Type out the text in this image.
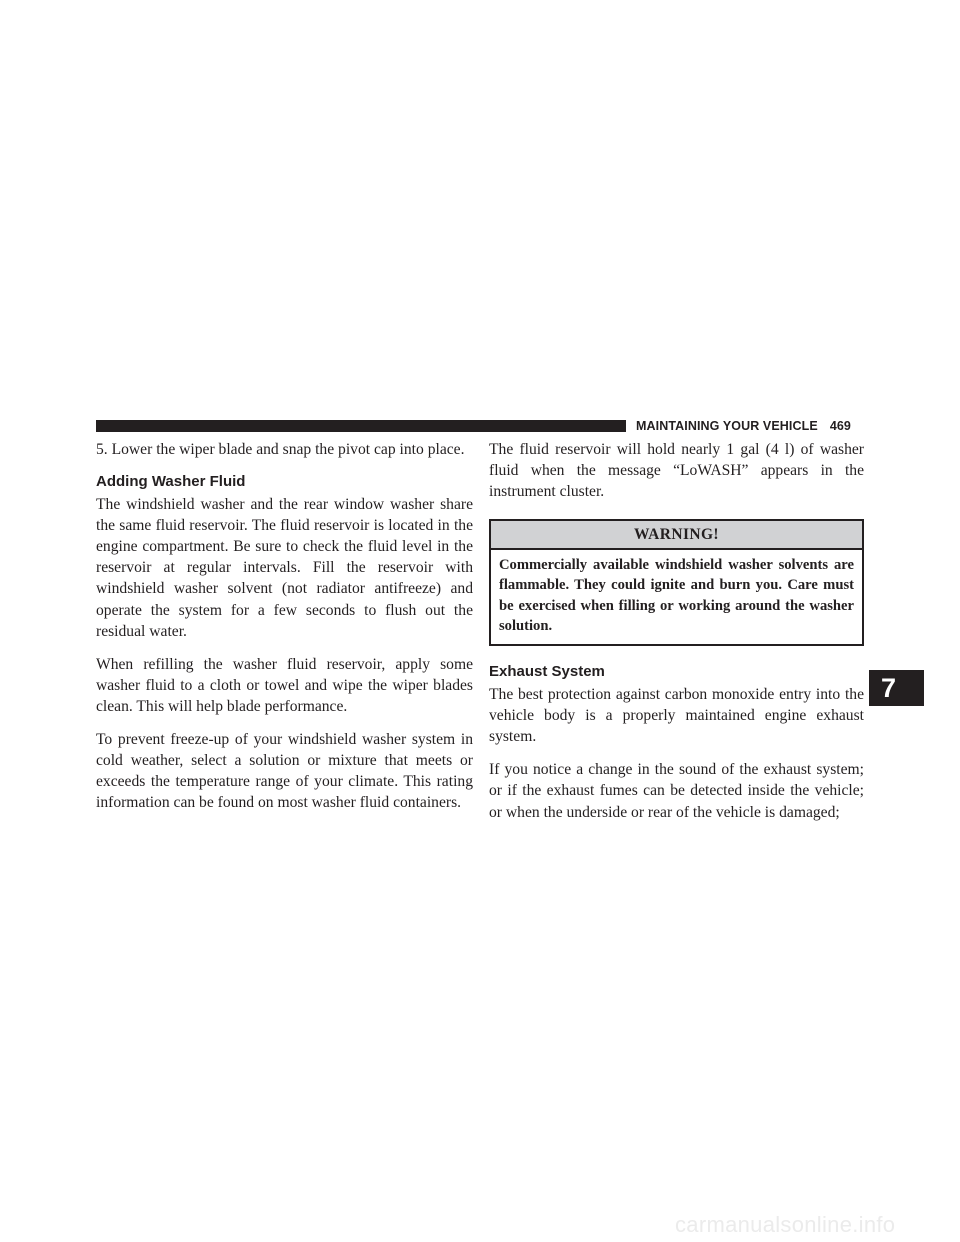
MAINTAINING YOUR VEHICLE 469

5. Lower the wiper blade and snap the pivot cap into place.

Adding Washer Fluid

The windshield washer and the rear window washer share the same fluid reservoir. The fluid reservoir is located in the engine compartment. Be sure to check the fluid level in the reservoir at regular intervals. Fill the reservoir with windshield washer solvent (not radiator antifreeze) and operate the system for a few seconds to flush out the residual water.

When refilling the washer fluid reservoir, apply some washer fluid to a cloth or towel and wipe the wiper blades clean. This will help blade performance.

To prevent freeze-up of your windshield washer system in cold weather, select a solution or mixture that meets or exceeds the temperature range of your climate. This rating information can be found on most washer fluid containers.

The fluid reservoir will hold nearly 1 gal (4 l) of washer fluid when the message “LoWASH” appears in the instrument cluster.

WARNING!
Commercially available windshield washer solvents are flammable. They could ignite and burn you. Care must be exercised when filling or working around the washer solution.
Exhaust System

The best protection against carbon monoxide entry into the vehicle body is a properly maintained engine exhaust system.

If you notice a change in the sound of the exhaust system; or if the exhaust fumes can be detected inside the vehicle; or when the underside or rear of the vehicle is damaged;

7
carmanualsonline.info
